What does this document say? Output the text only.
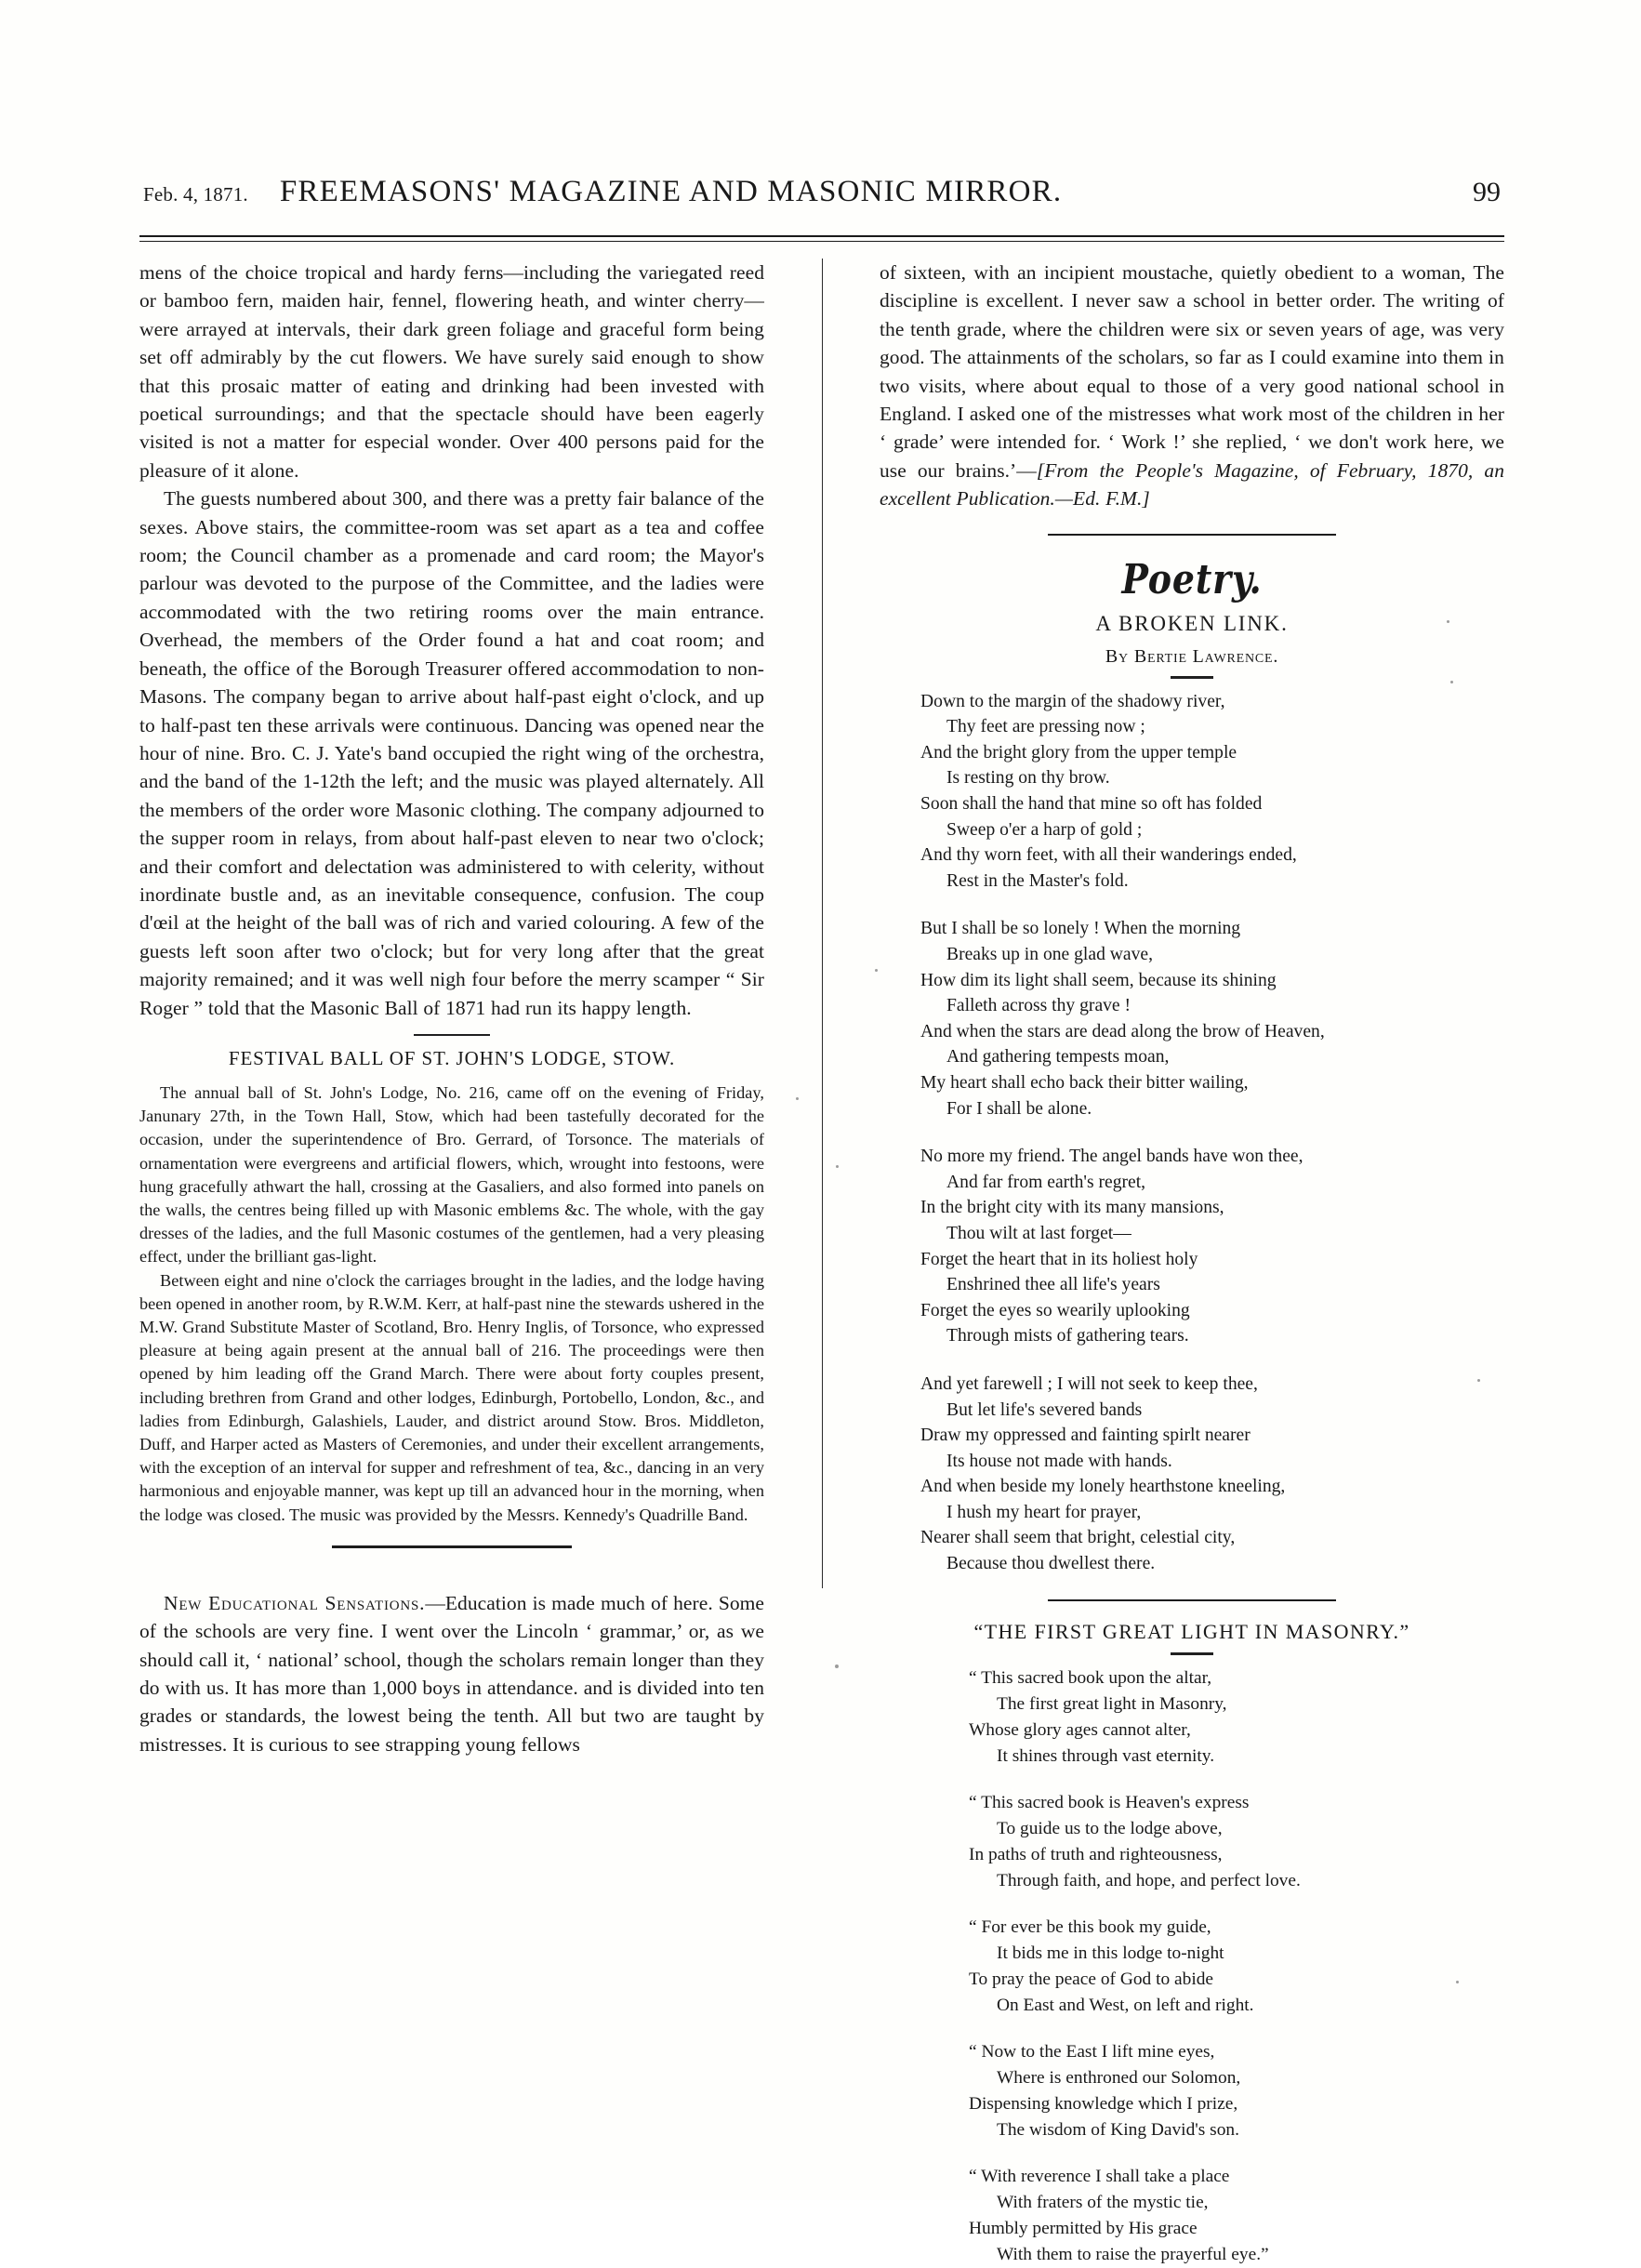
Feb. 4, 1871.	FREEMASONS' MAGAZINE AND MASONIC MIRROR.	99

mens of the choice tropical and hardy ferns—including the variegated reed or bamboo fern, maiden hair, fennel, flowering heath, and winter cherry—were arrayed at intervals, their dark green foliage and graceful form being set off admirably by the cut flowers. We have surely said enough to show that this prosaic matter of eating and drinking had been invested with poetical surroundings; and that the spectacle should have been eagerly visited is not a matter for especial wonder. Over 400 persons paid for the pleasure of it alone.

The guests numbered about 300, and there was a pretty fair balance of the sexes. Above stairs, the committee-room was set apart as a tea and coffee room; the Council chamber as a promenade and card room; the Mayor's parlour was devoted to the purpose of the Committee, and the ladies were accommodated with the two retiring rooms over the main entrance. Overhead, the members of the Order found a hat and coat room; and beneath, the office of the Borough Treasurer offered accommodation to non-Masons. The company began to arrive about half-past eight o'clock, and up to half-past ten these arrivals were continuous. Dancing was opened near the hour of nine. Bro. C. J. Yate's band occupied the right wing of the orchestra, and the band of the 1-12th the left; and the music was played alternately. All the members of the order wore Masonic clothing. The company adjourned to the supper room in relays, from about half-past eleven to near two o'clock; and their comfort and delectation was administered to with celerity, without inordinate bustle and, as an inevitable consequence, confusion. The coup d'œil at the height of the ball was of rich and varied colouring. A few of the guests left soon after two o'clock; but for very long after that the great majority remained; and it was well nigh four before the merry scamper “ Sir Roger ” told that the Masonic Ball of 1871 had run its happy length.

FESTIVAL BALL OF ST. JOHN'S LODGE, STOW.

The annual ball of St. John's Lodge, No. 216, came off on the evening of Friday, Janunary 27th, in the Town Hall, Stow, which had been tastefully decorated for the occasion, under the superintendence of Bro. Gerrard, of Torsonce. The materials of ornamentation were evergreens and artificial flowers, which, wrought into festoons, were hung gracefully athwart the hall, crossing at the Gasaliers, and also formed into panels on the walls, the centres being filled up with Masonic emblems &c. The whole, with the gay dresses of the ladies, and the full Masonic costumes of the gentlemen, had a very pleasing effect, under the brilliant gas-light.

Between eight and nine o'clock the carriages brought in the ladies, and the lodge having been opened in another room, by R.W.M. Kerr, at half-past nine the stewards ushered in the M.W. Grand Substitute Master of Scotland, Bro. Henry Inglis, of Torsonce, who expressed pleasure at being again present at the annual ball of 216. The proceedings were then opened by him leading off the Grand March. There were about forty couples present, including brethren from Grand and other lodges, Edinburgh, Portobello, London, &c., and ladies from Edinburgh, Galashiels, Lauder, and district around Stow. Bros. Middleton, Duff, and Harper acted as Masters of Ceremonies, and under their excellent arrangements, with the exception of an interval for supper and refreshment of tea, &c., dancing in an very harmonious and enjoyable manner, was kept up till an advanced hour in the morning, when the lodge was closed. The music was provided by the Messrs. Kennedy's Quadrille Band.

New Educational Sensations.—Education is made much of here. Some of the schools are very fine. I went over the Lincoln ‘ grammar,’ or, as we should call it, ‘ national’ school, though the scholars remain longer than they do with us. It has more than 1,000 boys in attendance. and is divided into ten grades or standards, the lowest being the tenth. All but two are taught by mistresses. It is curious to see strapping young fellows

of sixteen, with an incipient moustache, quietly obedient to a woman, The discipline is excellent. I never saw a school in better order. The writing of the tenth grade, where the children were six or seven years of age, was very good. The attainments of the scholars, so far as I could examine into them in two visits, where about equal to those of a very good national school in England. I asked one of the mistresses what work most of the children in her ‘ grade’ were intended for. ‘ Work !’ she replied, ‘ we don't work here, we use our brains.’—[From the People's Magazine, of February, 1870, an excellent Publication.—Ed. F.M.]

Poetry.

A BROKEN LINK.

By Bertie Lawrence.

Down to the margin of the shadowy river,
Thy feet are pressing now ;
And the bright glory from the upper temple
Is resting on thy brow.
Soon shall the hand that mine so oft has folded
Sweep o'er a harp of gold ;
And thy worn feet, with all their wanderings ended,
Rest in the Master's fold.
But I shall be so lonely ! When the morning
Breaks up in one glad wave,
How dim its light shall seem, because its shining
Falleth across thy grave !
And when the stars are dead along the brow of Heaven,
And gathering tempests moan,
My heart shall echo back their bitter wailing,
For I shall be alone.
No more my friend. The angel bands have won thee,
And far from earth's regret,
In the bright city with its many mansions,
Thou wilt at last forget—
Forget the heart that in its holiest holy
Enshrined thee all life's years
Forget the eyes so wearily uplooking
Through mists of gathering tears.
And yet farewell ; I will not seek to keep thee,
But let life's severed bands
Draw my oppressed and fainting spirlt nearer
Its house not made with hands.
And when beside my lonely hearthstone kneeling,
I hush my heart for prayer,
Nearer shall seem that bright, celestial city,
Because thou dwellest there.

“THE FIRST GREAT LIGHT IN MASONRY.”

“ This sacred book upon the altar,
The first great light in Masonry,
Whose glory ages cannot alter,
It shines through vast eternity.
“ This sacred book is Heaven's express
To guide us to the lodge above,
In paths of truth and righteousness,
Through faith, and hope, and perfect love.
“ For ever be this book my guide,
It bids me in this lodge to-night
To pray the peace of God to abide
On East and West, on left and right.
“ Now to the East I lift mine eyes,
Where is enthroned our Solomon,
Dispensing knowledge which I prize,
The wisdom of King David's son.
“ With reverence I shall take a place
With fraters of the mystic tie,
Humbly permitted by His grace
With them to raise the prayerful eye.”
